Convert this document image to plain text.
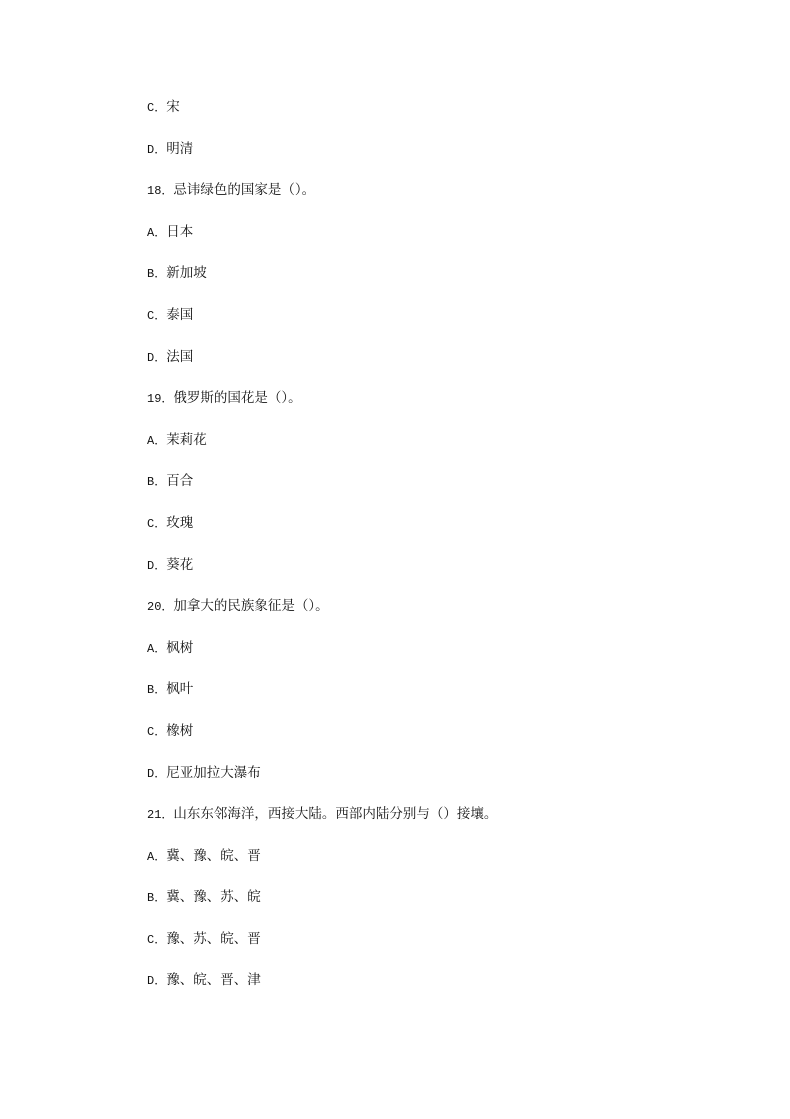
C．宋
D．明清
18．忌讳绿色的国家是（）。
A．日本
B．新加坡
C．泰国
D．法国
19．俄罗斯的国花是（）。
A．茉莉花
B．百合
C．玫瑰
D．葵花
20．加拿大的民族象征是（）。
A．枫树
B．枫叶
C．橡树
D．尼亚加拉大瀑布
21．山东东邻海洋，西接大陆。西部内陆分别与（）接壤。
A．冀、豫、皖、晋
B．冀、豫、苏、皖
C．豫、苏、皖、晋
D．豫、皖、晋、津
